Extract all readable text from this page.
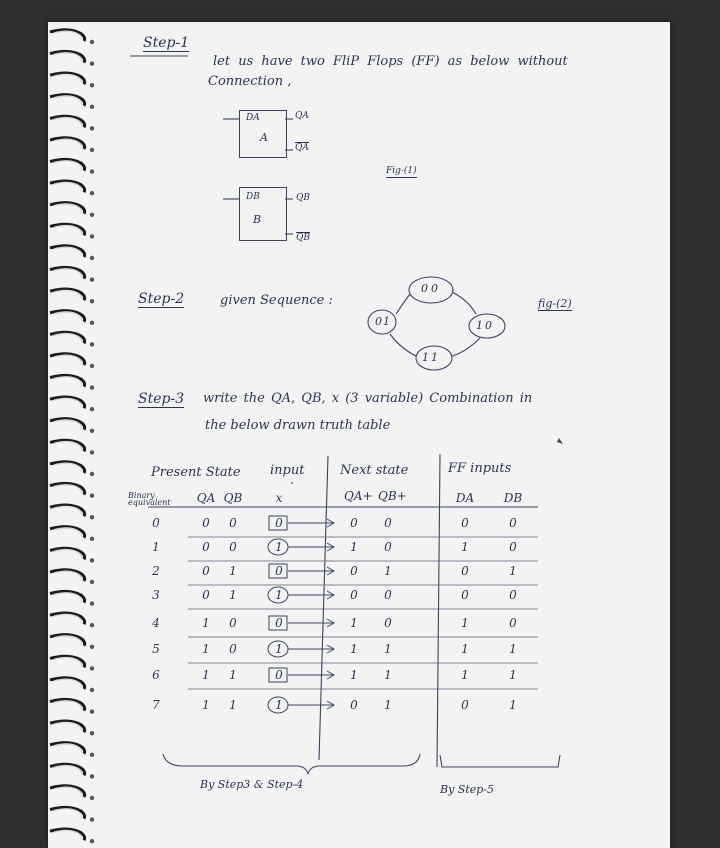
Step-1
let us have two FliP Flops (FF) as below without
Connection ,
DA
A
QA
$\overline{QA}$
DB
B
QB
$\overline{QB}$
Fig-(1)
Step-2	given Sequence :
00
10
11
01
fig-(2)
Step-3 write the QA, QB, x (3 variable) Combination in
the below drawn truth table
Present State input	Next state	FF inputs
Binary equivalent QA QB	x	QA+ QB+	DA DB
0	0	0	0	0	0	0	0
1	0	0	1	1	0	1	0
2	0	1	0	0	1	0	1
3	0	1	1	0	0	0	0
4	1	0	0	1	0	1	0
5	1	0	1	1	1	1	1
6	1	1	0	1	1	1	1
7	1	1	1	0	1	0	1
By Step3 & Step-4	By Step-5
